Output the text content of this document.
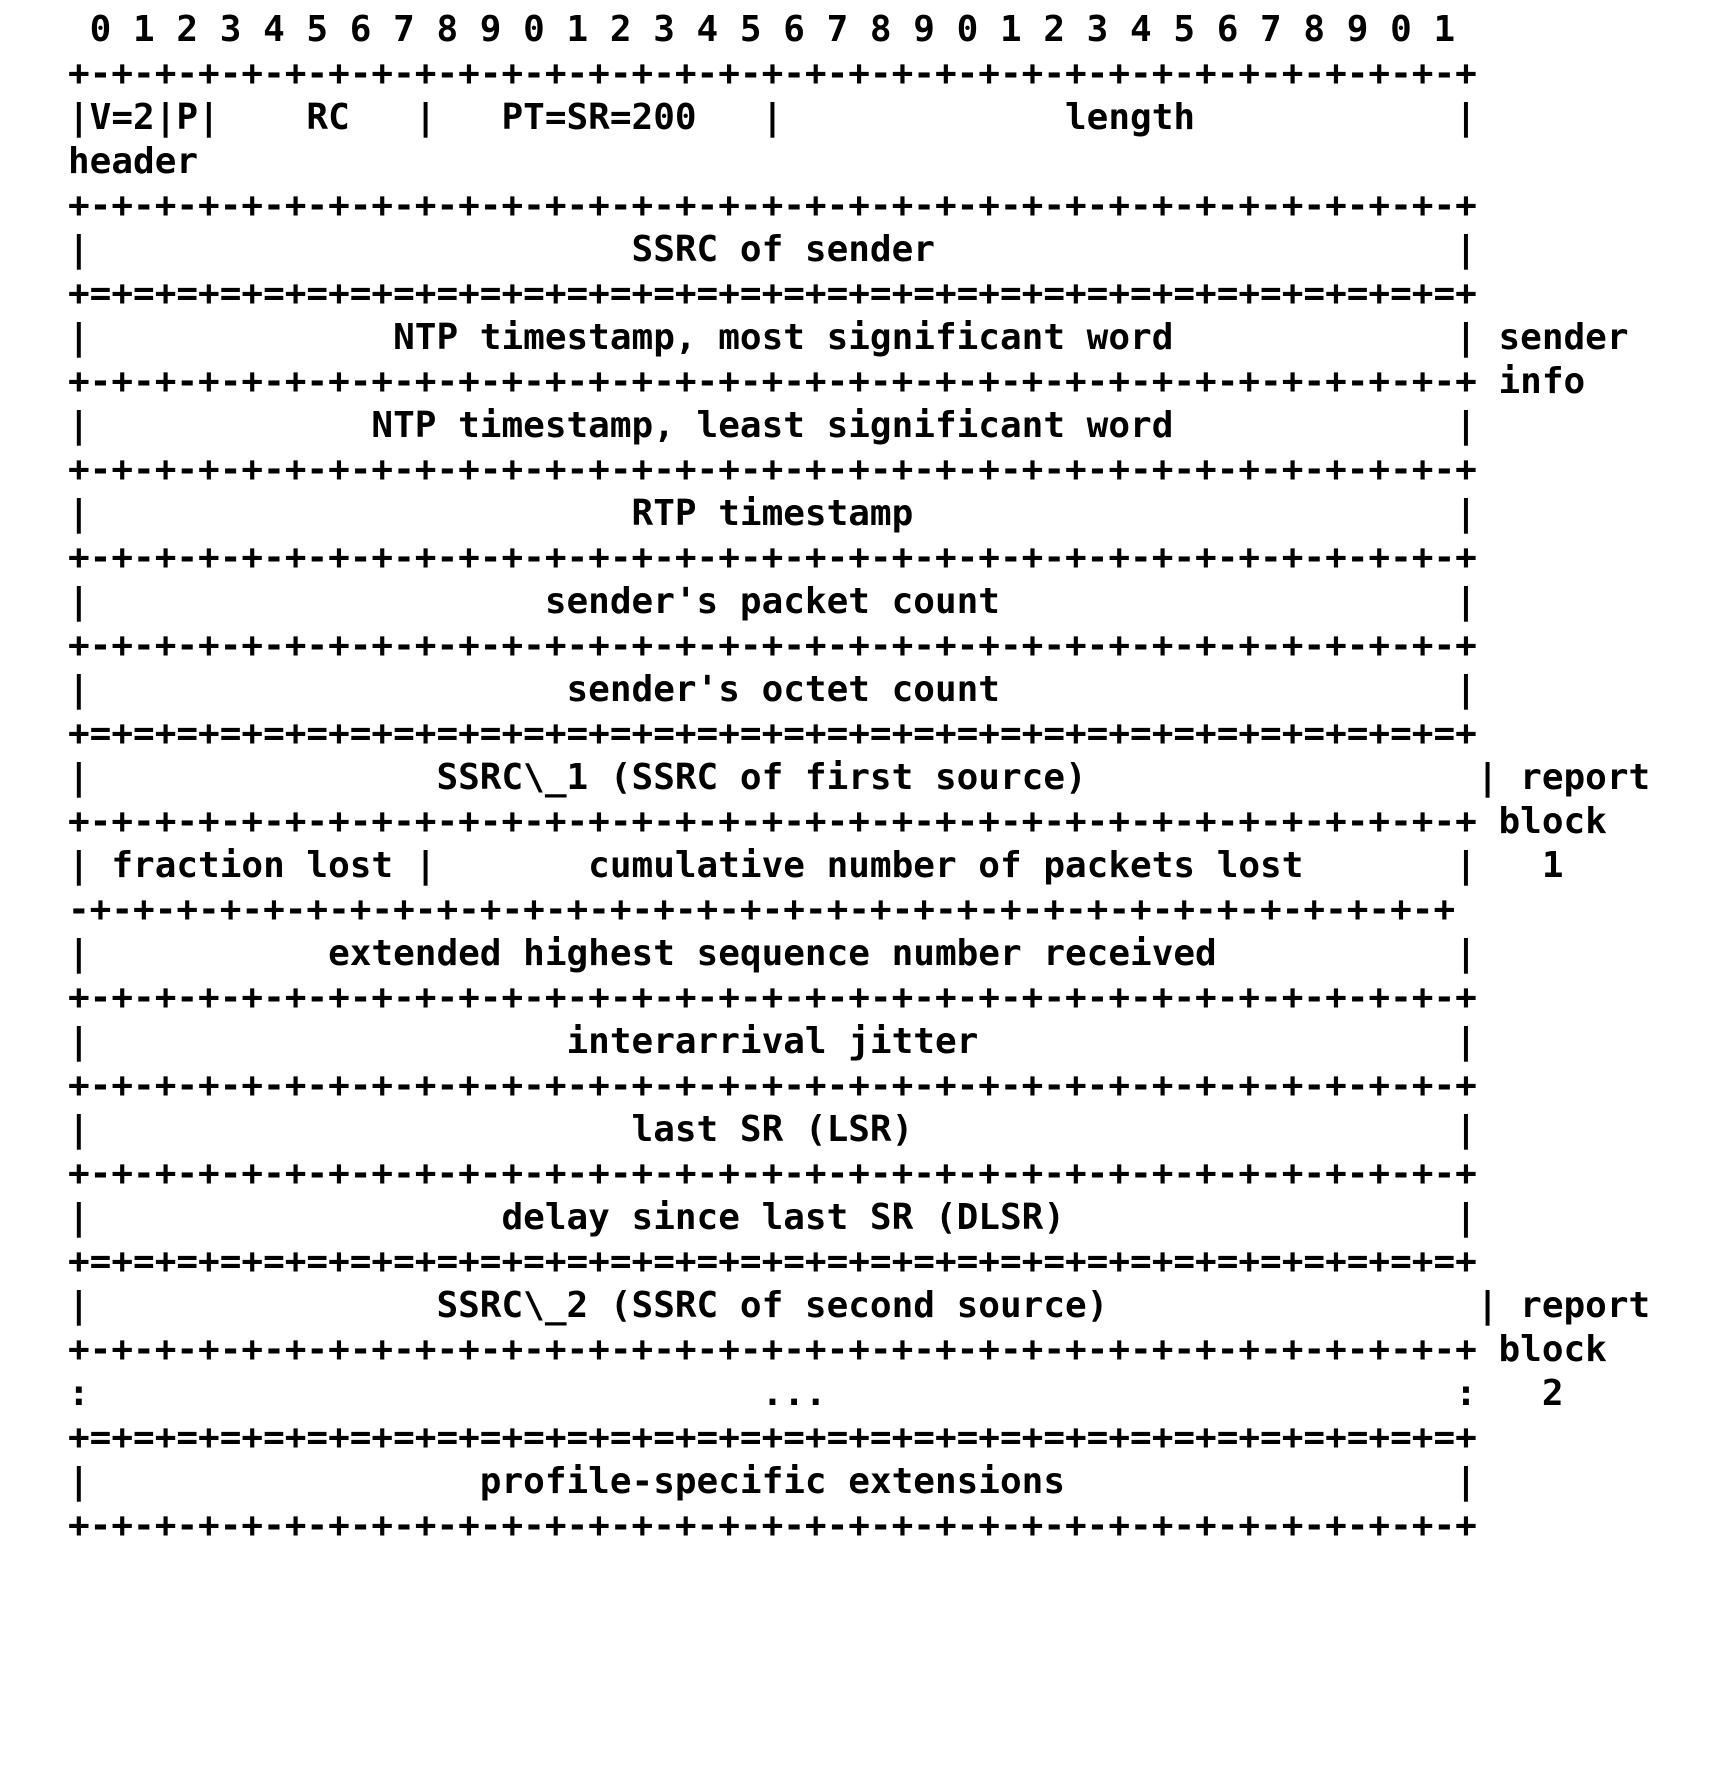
0 1 2 3 4 5 6 7 8 9 0 1 2 3 4 5 6 7 8 9 0 1 2 3 4 5 6 7 8 9 0 1
+-+-+-+-+-+-+-+-+-+-+-+-+-+-+-+-+-+-+-+-+-+-+-+-+-+-+-+-+-+-+-+-+
|V=2|P|    RC   |   PT=SR=200   |             length            |
header
+-+-+-+-+-+-+-+-+-+-+-+-+-+-+-+-+-+-+-+-+-+-+-+-+-+-+-+-+-+-+-+-+
|                         SSRC of sender                        |
+=+=+=+=+=+=+=+=+=+=+=+=+=+=+=+=+=+=+=+=+=+=+=+=+=+=+=+=+=+=+=+=+
|              NTP timestamp, most significant word             | sender
+-+-+-+-+-+-+-+-+-+-+-+-+-+-+-+-+-+-+-+-+-+-+-+-+-+-+-+-+-+-+-+-+ info
|             NTP timestamp, least significant word             |
+-+-+-+-+-+-+-+-+-+-+-+-+-+-+-+-+-+-+-+-+-+-+-+-+-+-+-+-+-+-+-+-+
|                         RTP timestamp                         |
+-+-+-+-+-+-+-+-+-+-+-+-+-+-+-+-+-+-+-+-+-+-+-+-+-+-+-+-+-+-+-+-+
|                     sender's packet count                     |
+-+-+-+-+-+-+-+-+-+-+-+-+-+-+-+-+-+-+-+-+-+-+-+-+-+-+-+-+-+-+-+-+
|                      sender's octet count                     |
+=+=+=+=+=+=+=+=+=+=+=+=+=+=+=+=+=+=+=+=+=+=+=+=+=+=+=+=+=+=+=+=+
|                SSRC\_1 (SSRC of first source)                  | report
+-+-+-+-+-+-+-+-+-+-+-+-+-+-+-+-+-+-+-+-+-+-+-+-+-+-+-+-+-+-+-+-+ block
| fraction lost |       cumulative number of packets lost       |   1
-+-+-+-+-+-+-+-+-+-+-+-+-+-+-+-+-+-+-+-+-+-+-+-+-+-+-+-+-+-+-+-+
|           extended highest sequence number received           |
+-+-+-+-+-+-+-+-+-+-+-+-+-+-+-+-+-+-+-+-+-+-+-+-+-+-+-+-+-+-+-+-+
|                      interarrival jitter                      |
+-+-+-+-+-+-+-+-+-+-+-+-+-+-+-+-+-+-+-+-+-+-+-+-+-+-+-+-+-+-+-+-+
|                         last SR (LSR)                         |
+-+-+-+-+-+-+-+-+-+-+-+-+-+-+-+-+-+-+-+-+-+-+-+-+-+-+-+-+-+-+-+-+
|                   delay since last SR (DLSR)                  |
+=+=+=+=+=+=+=+=+=+=+=+=+=+=+=+=+=+=+=+=+=+=+=+=+=+=+=+=+=+=+=+=+
|                SSRC\_2 (SSRC of second source)                 | report
+-+-+-+-+-+-+-+-+-+-+-+-+-+-+-+-+-+-+-+-+-+-+-+-+-+-+-+-+-+-+-+-+ block
:                               ...                             :   2
+=+=+=+=+=+=+=+=+=+=+=+=+=+=+=+=+=+=+=+=+=+=+=+=+=+=+=+=+=+=+=+=+
|                  profile-specific extensions                  |
+-+-+-+-+-+-+-+-+-+-+-+-+-+-+-+-+-+-+-+-+-+-+-+-+-+-+-+-+-+-+-+-+
